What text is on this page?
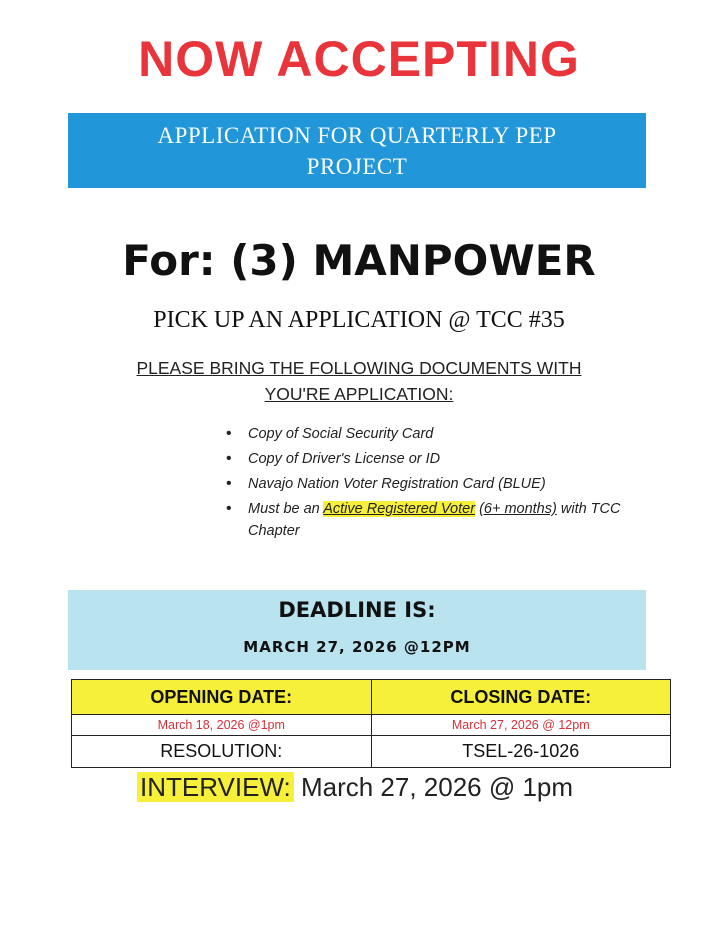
NOW ACCEPTING
APPLICATION FOR QUARTERLY PEP
PROJECT
For: (3) MANPOWER
PICK UP AN APPLICATION @ TCC #35
PLEASE BRING THE FOLLOWING DOCUMENTS WITH
YOU'RE APPLICATION:
• Copy of Social Security Card
• Copy of Driver's License or ID
• Navajo Nation Voter Registration Card (BLUE)
• Must be an Active Registered Voter (6+ months) with TCC Chapter
DEADLINE IS:
MARCH 27, 2026 @12PM
OPENING DATE:	CLOSING DATE:
March 18, 2026 @1pm	March 27, 2026 @ 12pm
RESOLUTION:	TSEL-26-1026
INTERVIEW: March 27, 2026 @ 1pm
